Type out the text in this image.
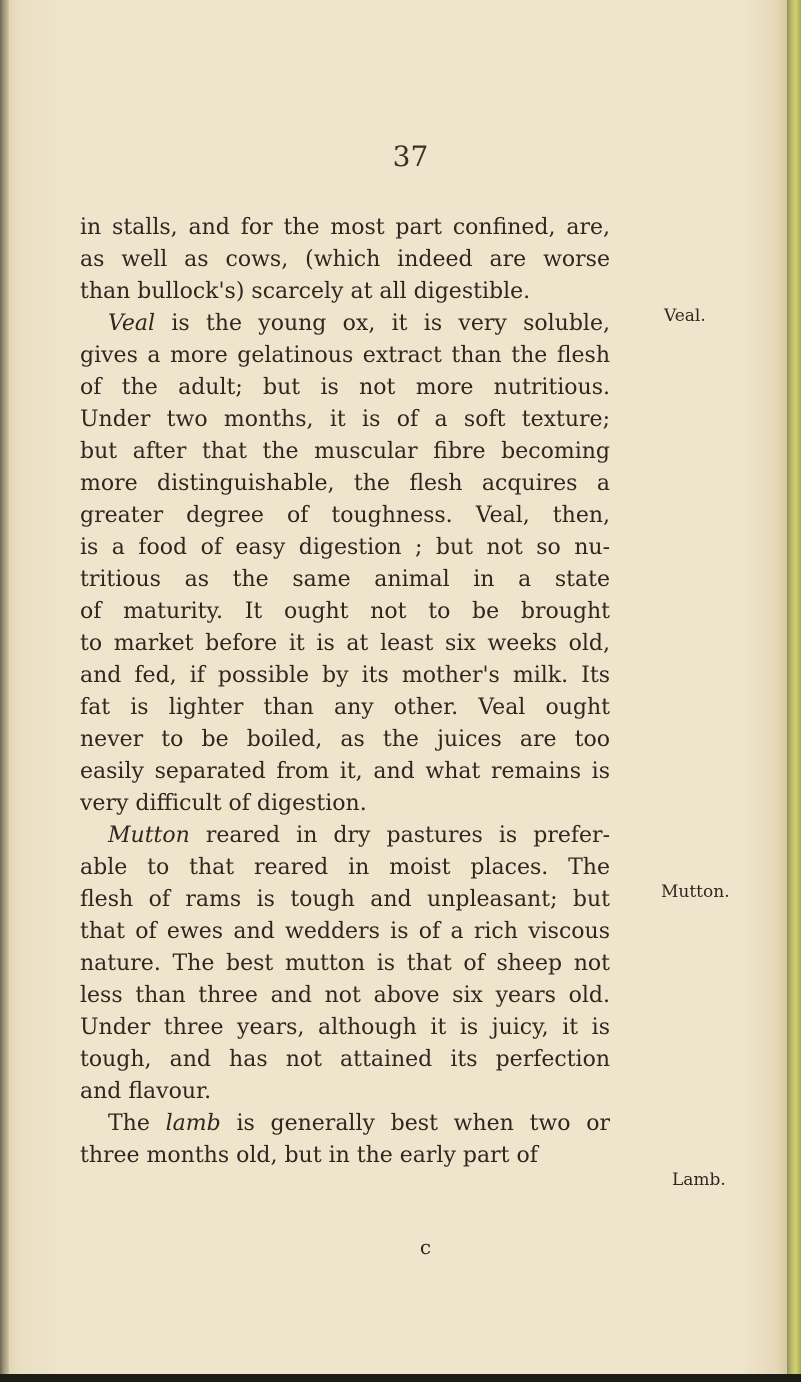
37
in stalls, and for the most part confined, are,
as well as cows, (which indeed are worse
than bullock's) scarcely at all digestible.
Veal is the young ox, it is very soluble,
gives a more gelatinous extract than the flesh
of the adult; but is not more nutritious.
Under two months, it is of a soft texture;
but after that the muscular fibre becoming
more distinguishable, the flesh acquires a
greater degree of toughness. Veal, then,
is a food of easy digestion ; but not so nu-
tritious as the same animal in a state
of maturity. It ought not to be brought
to market before it is at least six weeks old,
and fed, if possible by its mother's milk. Its
fat is lighter than any other. Veal ought
never to be boiled, as the juices are too
easily separated from it, and what remains is
very difficult of digestion.
Mutton reared in dry pastures is prefer-
able to that reared in moist places. The
flesh of rams is tough and unpleasant; but
that of ewes and wedders is of a rich viscous
nature. The best mutton is that of sheep not
less than three and not above six years old.
Under three years, although it is juicy, it is
tough, and has not attained its perfection
and flavour.
The lamb is generally best when two or
three months old, but in the early part of
Veal.
Mutton.
Lamb.
c
